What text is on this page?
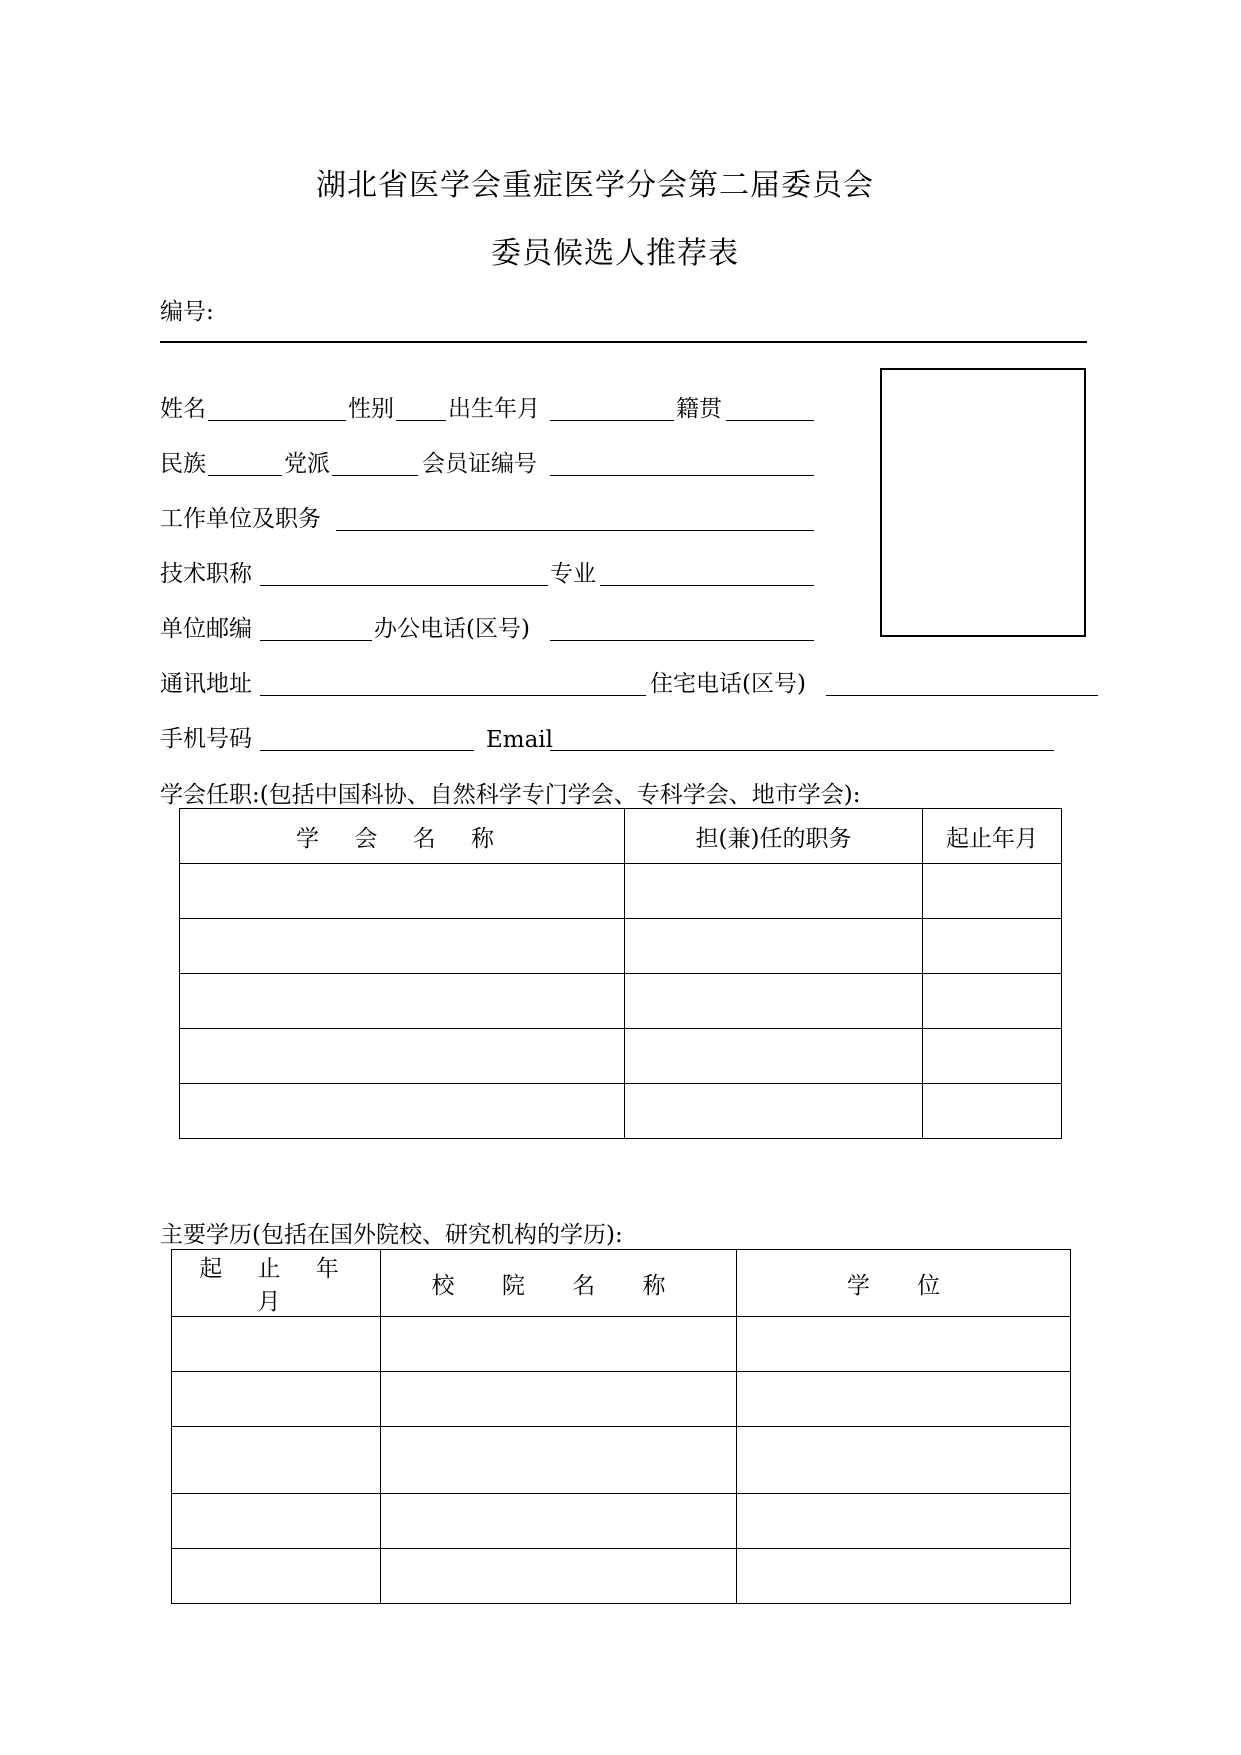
湖北省医学会重症医学分会第二届委员会
委员候选人推荐表
编号:
姓名	性别 出生年月	籍贯
民族	党派	会员证编号
工作单位及职务
技术职称	专业
单位邮编	办公电话(区号)
通讯地址	住宅电话(区号)
手机号码	Email
学会任职:(包括中国科协、自然科学专门学会、专科学会、地市学会):
学 会 名 称	担(兼)任的职务	起止年月

主要学历(包括在国外院校、研究机构的学历):
起 止 年 月	校 院 名 称	学 位
